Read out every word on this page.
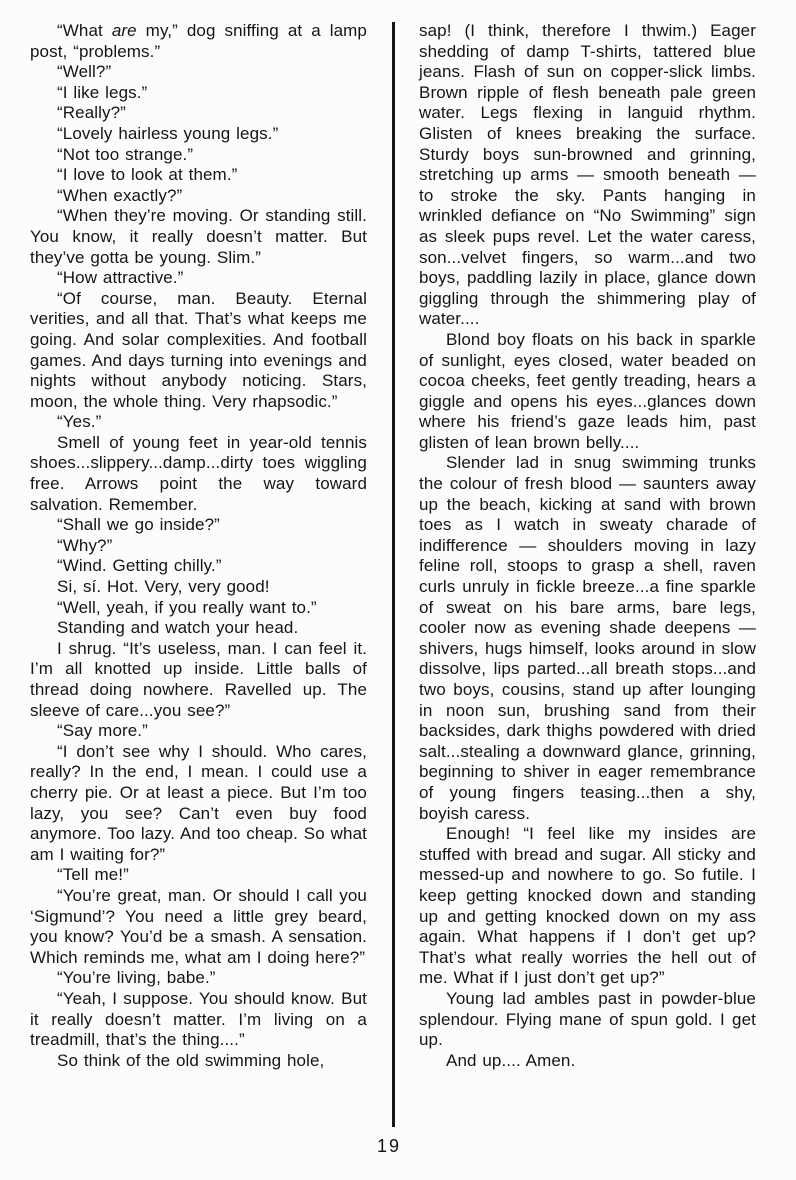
“What are my,” dog sniffing at a lamp post, “problems.”

“Well?”

“I like legs.”

“Really?”

“Lovely hairless young legs.”

“Not too strange.”

“I love to look at them.”

“When exactly?”

“When they’re moving. Or standing still. You know, it really doesn’t matter. But they’ve gotta be young. Slim.”

“How attractive.”

“Of course, man. Beauty. Eternal verities, and all that. That’s what keeps me going. And solar complexities. And football games. And days turning into evenings and nights without anybody noticing. Stars, moon, the whole thing. Very rhapsodic.”

“Yes.”

Smell of young feet in year-old tennis shoes...slippery...damp...dirty toes wiggling free. Arrows point the way toward salvation. Remember.

“Shall we go inside?”

“Why?”

“Wind. Getting chilly.”

Si, sí. Hot. Very, very good!

“Well, yeah, if you really want to.”

Standing and watch your head.

I shrug. “It’s useless, man. I can feel it. I’m all knotted up inside. Little balls of thread doing nowhere. Ravelled up. The sleeve of care...you see?”

“Say more.”

“I don’t see why I should. Who cares, really? In the end, I mean. I could use a cherry pie. Or at least a piece. But I’m too lazy, you see? Can’t even buy food anymore. Too lazy. And too cheap. So what am I waiting for?”

“Tell me!”

“You’re great, man. Or should I call you ‘Sigmund’? You need a little grey beard, you know? You’d be a smash. A sensation. Which reminds me, what am I doing here?”

“You’re living, babe.”

“Yeah, I suppose. You should know. But it really doesn’t matter. I’m living on a treadmill, that’s the thing....”

So think of the old swimming hole,

sap! (I think, therefore I thwim.) Eager shedding of damp T-shirts, tattered blue jeans. Flash of sun on copper-slick limbs. Brown ripple of flesh beneath pale green water. Legs flexing in languid rhythm. Glisten of knees breaking the surface. Sturdy boys sun-browned and grinning, stretching up arms — smooth beneath — to stroke the sky. Pants hanging in wrinkled defiance on “No Swimming” sign as sleek pups revel. Let the water caress, son...velvet fingers, so warm...and two boys, paddling lazily in place, glance down giggling through the shimmering play of water....

Blond boy floats on his back in sparkle of sunlight, eyes closed, water beaded on cocoa cheeks, feet gently treading, hears a giggle and opens his eyes...glances down where his friend’s gaze leads him, past glisten of lean brown belly....

Slender lad in snug swimming trunks the colour of fresh blood — saunters away up the beach, kicking at sand with brown toes as I watch in sweaty charade of indifference — shoulders moving in lazy feline roll, stoops to grasp a shell, raven curls unruly in fickle breeze...a fine sparkle of sweat on his bare arms, bare legs, cooler now as evening shade deepens — shivers, hugs himself, looks around in slow dissolve, lips parted...all breath stops...and two boys, cousins, stand up after lounging in noon sun, brushing sand from their backsides, dark thighs powdered with dried salt...stealing a downward glance, grinning, beginning to shiver in eager remembrance of young fingers teasing...then a shy, boyish caress.

Enough! “I feel like my insides are stuffed with bread and sugar. All sticky and messed-up and nowhere to go. So futile. I keep getting knocked down and standing up and getting knocked down on my ass again. What happens if I don’t get up? That’s what really worries the hell out of me. What if I just don’t get up?”

Young lad ambles past in powder-blue splendour. Flying mane of spun gold. I get up.

And up.... Amen.

19
